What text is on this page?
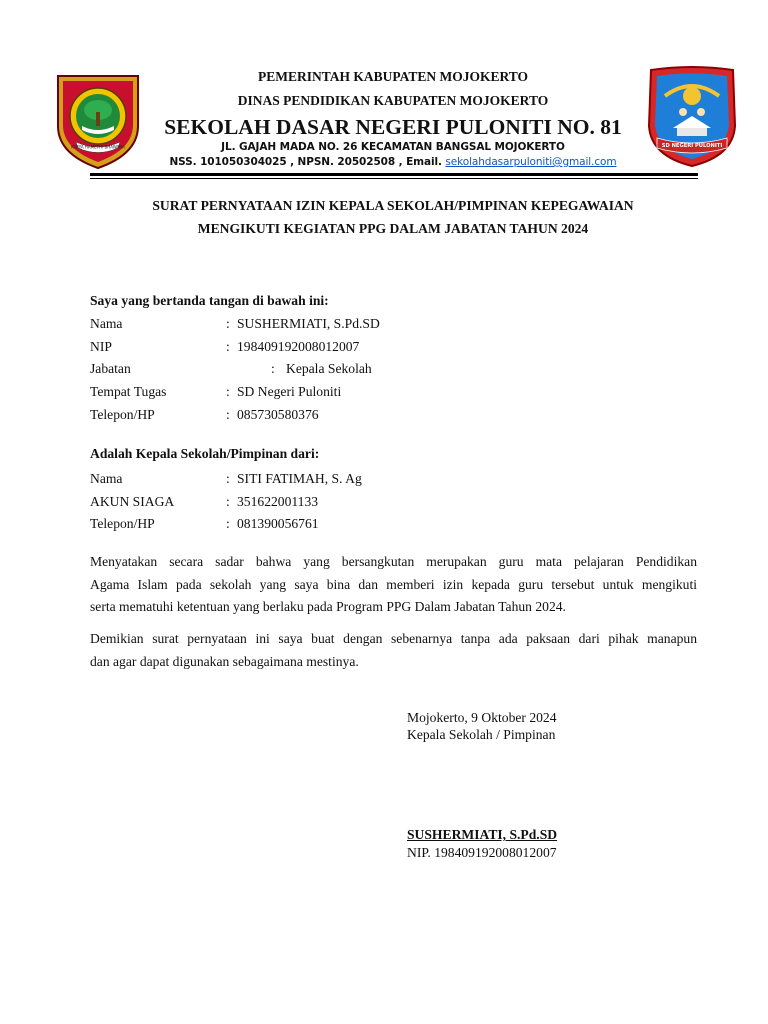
KARYA HAMETHI BHAWANA	SD NEGERI PULONITI
PEMERINTAH KABUPATEN MOJOKERTO
DINAS PENDIDIKAN KABUPATEN MOJOKERTO
SEKOLAH DASAR NEGERI PULONITI NO. 81
JL. GAJAH MADA NO. 26 KECAMATAN BANGSAL MOJOKERTO
NSS. 101050304025 , NPSN. 20502508 , Email. sekolahdasarpuloniti@gmail.com
SURAT PERNYATAAN IZIN KEPALA SEKOLAH/PIMPINAN KEPEGAWAIAN
MENGIKUTI KEGIATAN PPG DALAM JABATAN TAHUN 2024
Saya yang bertanda tangan di bawah ini:
Nama	: SUSHERMIATI, S.Pd.SD
NIP	: 198409192008012007
Jabatan	: Kepala Sekolah
Tempat Tugas	: SD Negeri Puloniti
Telepon/HP	: 085730580376
Adalah Kepala Sekolah/Pimpinan dari:
Nama	: SITI FATIMAH, S. Ag
AKUN SIAGA	: 351622001133
Telepon/HP	: 081390056761
Menyatakan secara sadar bahwa yang bersangkutan merupakan guru mata pelajaran Pendidikan
Agama Islam pada sekolah yang saya bina dan memberi izin kepada guru tersebut untuk mengikuti
serta mematuhi ketentuan yang berlaku pada Program PPG Dalam Jabatan Tahun 2024.
Demikian surat pernyataan ini saya buat dengan sebenarnya tanpa ada paksaan dari pihak manapun
dan agar dapat digunakan sebagaimana mestinya.
Mojokerto, 9 Oktober 2024
Kepala Sekolah / Pimpinan
SUSHERMIATI, S.Pd.SD
NIP. 198409192008012007
